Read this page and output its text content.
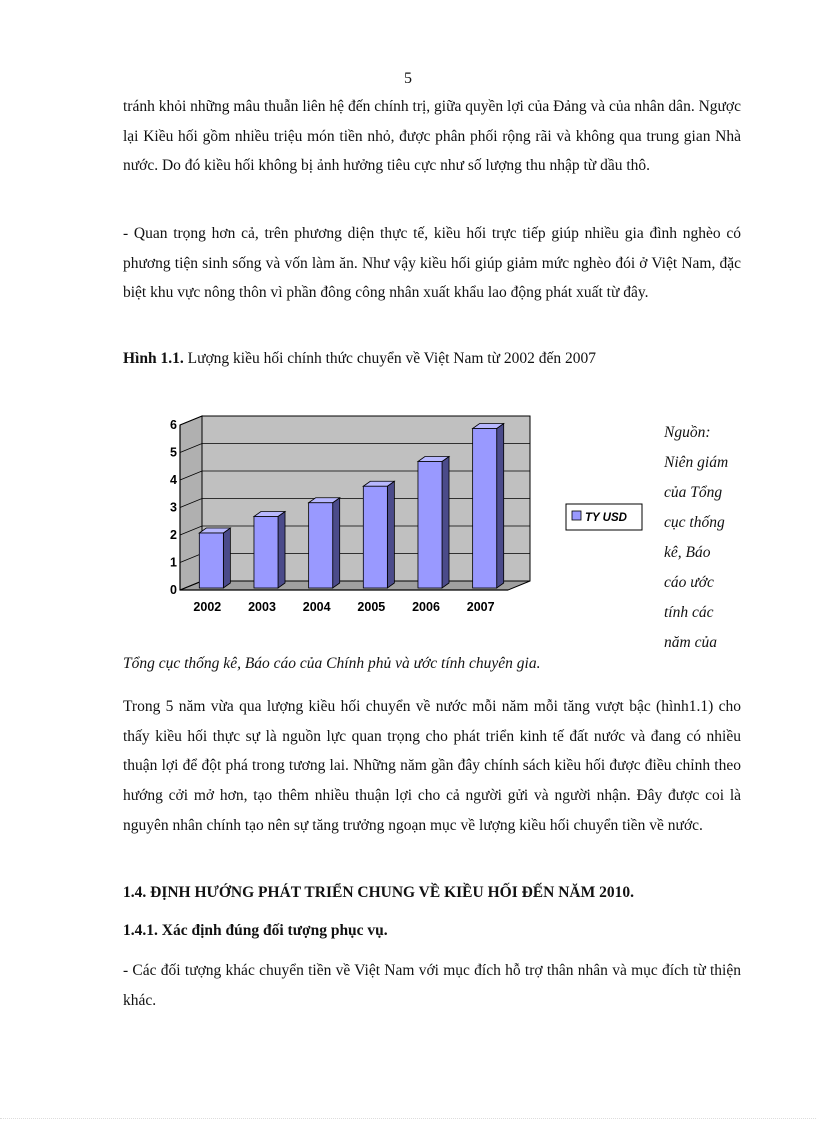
5

tránh khỏi những mâu thuẫn liên hệ đến chính trị, giữa quyền lợi của Đảng và của nhân dân. Ngược lại Kiều hối gồm nhiều triệu món tiền nhỏ, được phân phối rộng rãi và không qua trung gian Nhà nước. Do đó kiều hối không bị ảnh hưởng tiêu cực như số lượng thu nhập từ dầu thô.

- Quan trọng hơn cả, trên phương diện thực tế, kiều hối trực tiếp giúp nhiều gia đình nghèo có phương tiện sinh sống và vốn làm ăn. Như vậy kiều hối giúp giảm mức nghèo đói ở Việt Nam, đặc biệt khu vực nông thôn vì phần đông công nhân xuất khẩu lao động phát xuất từ đây.

Hình 1.1. Lượng kiều hối chính thức chuyển về Việt Nam từ 2002 đến 2007

2002 2003 2004 2005 2006 2007
0
1
2
3
4
5
6
TY USD
Nguồn:
Niên giám
của Tổng
cục thống
kê, Báo
cáo ước
tính các
năm của

Tổng cục thống kê, Báo cáo của Chính phủ và ước tính chuyên gia.

Trong 5 năm vừa qua lượng kiều hối chuyển về nước mỗi năm mỗi tăng vượt bậc (hình1.1) cho thấy kiều hối thực sự là nguồn lực quan trọng cho phát triển kinh tế đất nước và đang có nhiều thuận lợi để đột phá trong tương lai. Những năm gần đây chính sách kiều hối được điều chỉnh theo hướng cởi mở hơn, tạo thêm nhiều thuận lợi cho cả người gửi và người nhận. Đây được coi là nguyên nhân chính tạo nên sự tăng trưởng ngoạn mục về lượng kiều hối chuyển tiền về nước.

1.4. ĐỊNH HƯỚNG PHÁT TRIỂN CHUNG VỀ KIỀU HỐI ĐẾN NĂM 2010.

1.4.1. Xác định đúng đối tượng phục vụ.

- Các đối tượng khác chuyển tiền về Việt Nam với mục đích hỗ trợ thân nhân và mục đích từ thiện khác.
